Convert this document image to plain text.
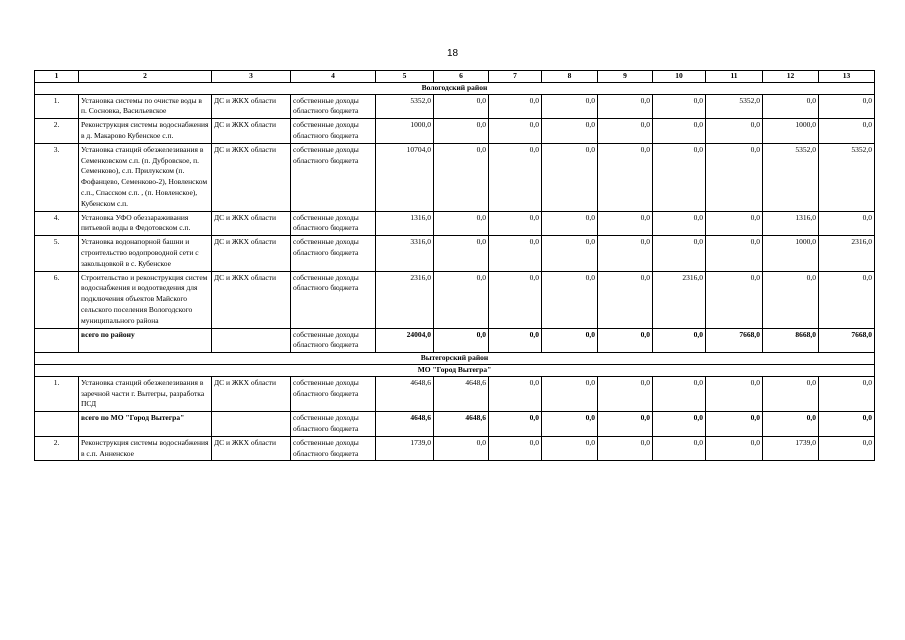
18
1	2	3	4	5	6	7	8	9	10	11	12	13
Вологодский район												
1.	Установка системы по очистке воды в п. Сосновка, Васильевское	ДС и ЖКХ области	собственные доходы областного бюджета	5352,0	0,0	0,0	0,0	0,0	0,0	5352,0	0,0	0,0
2.	Реконструкция системы водоснабжения в д. Макарово Кубенское с.п.	ДС и ЖКХ области	собственные доходы областного бюджета	1000,0	0,0	0,0	0,0	0,0	0,0	0,0	1000,0	0,0
3.	Установка станций обезжелезивания в Семенковском с.п. (п. Дубровское, п. Семенково), с.п. Прилукском (п. Фофанцево, Семенково-2), Новленском с.п., Спасском с.п. , (п. Новленское), Кубенском с.п.	ДС и ЖКХ области	собственные доходы областного бюджета	10704,0	0,0	0,0	0,0	0,0	0,0	0,0	5352,0	5352,0
4.	Установка УФО обеззараживания питьевой воды в Федотовском с.п.	ДС и ЖКХ области	собственные доходы областного бюджета	1316,0	0,0	0,0	0,0	0,0	0,0	0,0	1316,0	0,0
5.	Установка водонапорной башни и строительство водопроводной сети с закольцовкой в с. Кубенское	ДС и ЖКХ области	собственные доходы областного бюджета	3316,0	0,0	0,0	0,0	0,0	0,0	0,0	1000,0	2316,0
6.	Строительство и реконструкция систем водоснабжения и водоотведения для подключения объектов Майского сельского поселения Вологодского муниципального района	ДС и ЖКХ области	собственные доходы областного бюджета	2316,0	0,0	0,0	0,0	0,0	2316,0	0,0	0,0	0,0
	всего по району		собственные доходы областного бюджета	24004,0	0,0	0,0	0,0	0,0	0,0	7668,0	8668,0	7668,0
Вытегорский район												
МО "Город Вытегра"												
1.	Установка станций обезжелезивания в заречной части г. Вытегры, разработка ПСД	ДС и ЖКХ области	собственные доходы областного бюджета	4648,6	4648,6	0,0	0,0	0,0	0,0	0,0	0,0	0,0
	всего по МО "Город Вытегра"		собственные доходы областного бюджета	4648,6	4648,6	0,0	0,0	0,0	0,0	0,0	0,0	0,0
2.	Реконструкция системы водоснабжения в с.п. Анненское	ДС и ЖКХ области	собственные доходы областного бюджета	1739,0	0,0	0,0	0,0	0,0	0,0	0,0	1739,0	0,0
